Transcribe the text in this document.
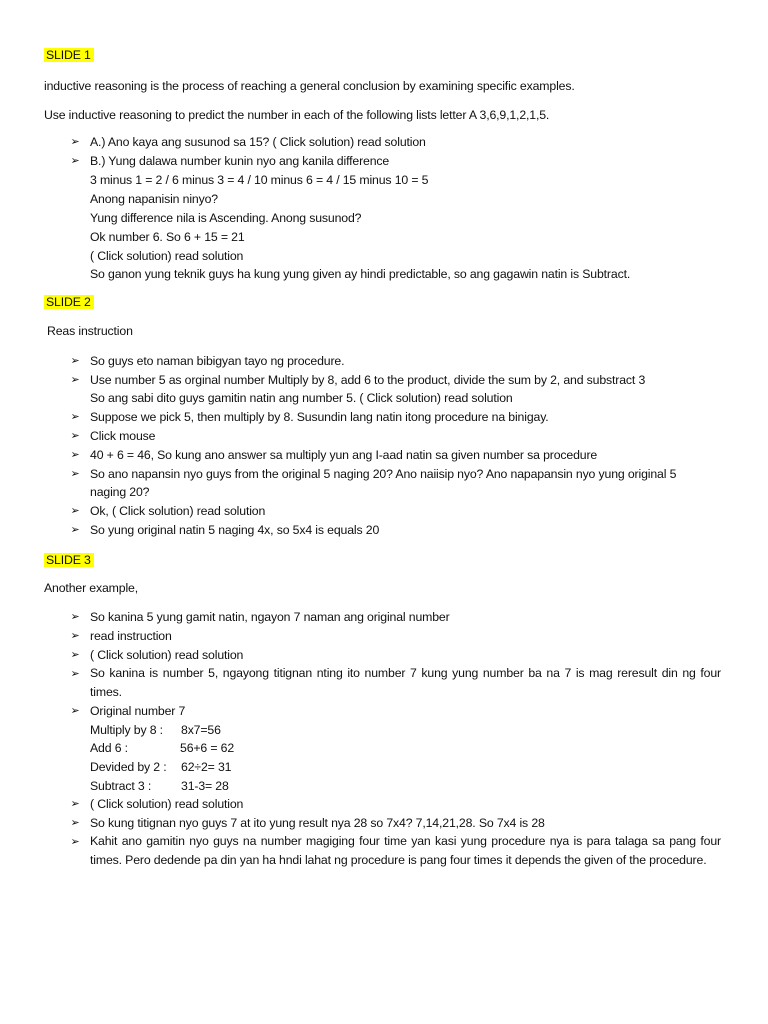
SLIDE 1
inductive reasoning is the process of reaching a general conclusion by examining specific examples.
Use inductive reasoning to predict the number in each of the following lists letter A 3,6,9,1,2,1,5.
➢ A.) Ano kaya ang susunod sa 15? ( Click solution) read solution
➢ B.) Yung dalawa number kunin nyo ang kanila difference
3 minus 1 = 2 / 6 minus 3 = 4 / 10 minus 6 = 4 / 15 minus 10 = 5
Anong napanisin ninyo?
Yung difference nila is Ascending. Anong susunod?
Ok number 6. So 6 + 15 = 21
( Click solution) read solution
So ganon yung teknik guys ha kung yung given ay hindi predictable, so ang gagawin natin is Subtract.
SLIDE 2
Reas instruction
➢ So guys eto naman bibigyan tayo ng procedure.
➢ Use number 5 as orginal number Multiply by 8, add 6 to the product, divide the sum by 2, and substract 3
So ang sabi dito guys gamitin natin ang number 5. ( Click solution) read solution
➢ Suppose we pick 5, then multiply by 8. Susundin lang natin itong procedure na binigay.
➢ Click mouse
➢ 40 + 6 = 46, So kung ano answer sa multiply yun ang I-aad natin sa given number sa procedure
➢ So ano napansin nyo guys from the original 5 naging 20? Ano naiisip nyo? Ano napapansin nyo yung original 5
naging 20?
➢ Ok, ( Click solution) read solution
➢ So yung original natin 5 naging 4x, so 5x4 is equals 20
SLIDE 3
Another example,
➢ So kanina 5 yung gamit natin, ngayon 7 naman ang original number
➢ read instruction
➢ ( Click solution) read solution
➢ So kanina is number 5, ngayong titignan nting ito number 7 kung yung number ba na 7 is mag reresult din ng four times.
➢ Original number 7
Multiply by 8 : 8x7=56
Add 6 :	56+6 = 62
Devided by 2 : 62÷2= 31
Subtract 3 : 31-3= 28
➢ ( Click solution) read solution
➢ So kung titignan nyo guys 7 at ito yung result nya 28 so 7x4? 7,14,21,28. So 7x4 is 28
➢ Kahit ano gamitin nyo guys na number magiging four time yan kasi yung procedure nya is para talaga sa pang four times. Pero dedende pa din yan ha hndi lahat ng procedure is pang four times it depends the given of the procedure.
